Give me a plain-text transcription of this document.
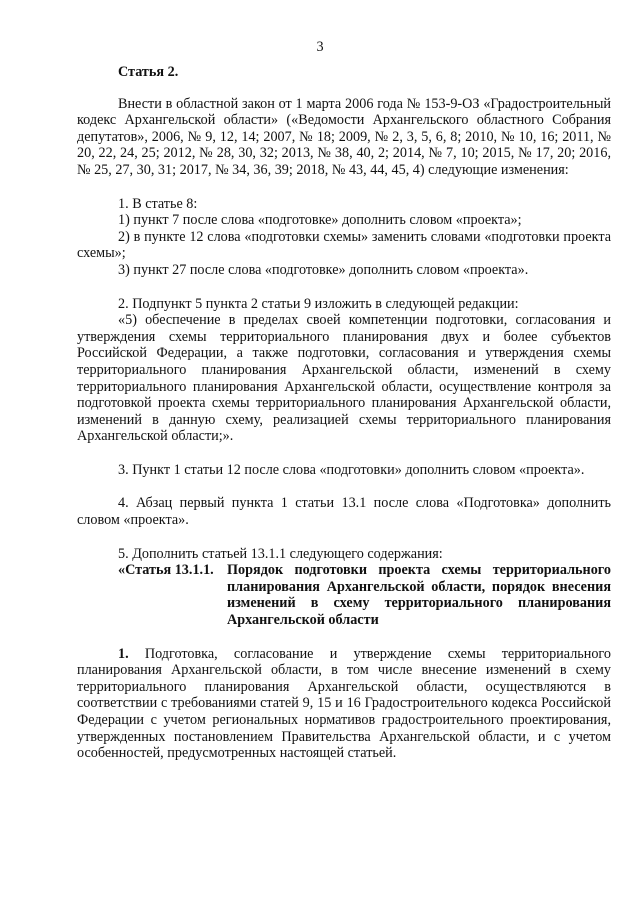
3

Статья 2.

Внести в областной закон от 1 марта 2006 года № 153-9-ОЗ «Градостроительный кодекс Архангельской области» («Ведомости Архангельского областного Собрания депутатов», 2006, № 9, 12, 14; 2007, № 18; 2009, № 2, 3, 5, 6, 8; 2010, № 10, 16; 2011, № 20, 22, 24, 25; 2012, № 28, 30, 32; 2013, № 38, 40, 2; 2014, № 7, 10; 2015, № 17, 20; 2016, № 25, 27, 30, 31; 2017, № 34, 36, 39; 2018, № 43, 44, 45, 4) следующие изменения:

1. В статье 8:

1) пункт 7 после слова «подготовке» дополнить словом «проекта»;

2) в пункте 12 слова «подготовки схемы» заменить словами «подготовки проекта схемы»;

3) пункт 27 после слова «подготовке» дополнить словом «проекта».

2. Подпункт 5 пункта 2 статьи 9 изложить в следующей редакции:

«5) обеспечение в пределах своей компетенции подготовки, согласования и утверждения схемы территориального планирования двух и более субъектов Российской Федерации, а также подготовки, согласования и утверждения схемы территориального планирования Архангельской области, изменений в схему территориального планирования Архангельской области, осуществление контроля за подготовкой проекта схемы территориального планирования Архангельской области, изменений в данную схему, реализацией схемы территориального планирования Архангельской области;».

3. Пункт 1 статьи 12 после слова «подготовки» дополнить словом «проекта».

4. Абзац первый пункта 1 статьи 13.1 после слова «Подготовка» дополнить словом «проекта».

5. Дополнить статьей 13.1.1 следующего содержания:

«Статья 13.1.1. Порядок подготовки проекта схемы территориального планирования Архангельской области, порядок внесения изменений в схему территориального планирования Архангельской области

1. Подготовка, согласование и утверждение схемы территориального планирования Архангельской области, в том числе внесение изменений в схему территориального планирования Архангельской области, осуществляются в соответствии с требованиями статей 9, 15 и 16 Градостроительного кодекса Российской Федерации с учетом региональных нормативов градостроительного проектирования, утвержденных постановлением Правительства Архангельской области, и с учетом особенностей, предусмотренных настоящей статьей.
